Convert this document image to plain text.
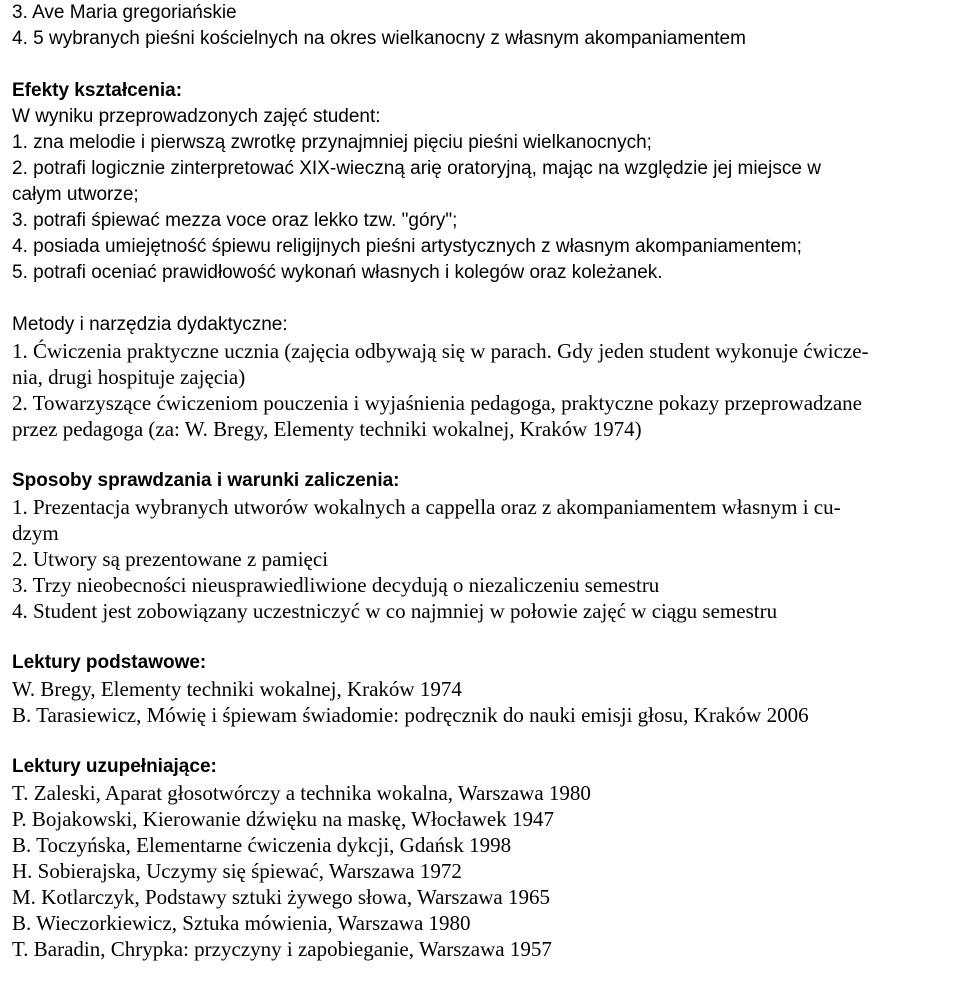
3. Ave Maria gregoriańskie
4. 5 wybranych pieśni kościelnych na okres wielkanocny z własnym akompaniamentem
Efekty kształcenia:
W wyniku przeprowadzonych zajęć student:
1. zna melodie i pierwszą zwrotkę przynajmniej pięciu pieśni wielkanocnych;
2. potrafi logicznie zinterpretować XIX-wieczną arię oratoryjną, mając na względzie jej miejsce w
całym utworze;
3. potrafi śpiewać mezza voce oraz lekko tzw. "góry";
4. posiada umiejętność śpiewu religijnych pieśni artystycznych z własnym akompaniamentem;
5. potrafi oceniać prawidłowość wykonań własnych i kolegów oraz koleżanek.
Metody i narzędzia dydaktyczne:
1. Ćwiczenia praktyczne ucznia (zajęcia odbywają się w parach. Gdy jeden student wykonuje ćwicze-
nia, drugi hospituje zajęcia)
2. Towarzyszące ćwiczeniom pouczenia i wyjaśnienia pedagoga, praktyczne pokazy przeprowadzane
przez pedagoga (za: W. Bregy, Elementy techniki wokalnej, Kraków 1974)
Sposoby sprawdzania i warunki zaliczenia:
1. Prezentacja wybranych utworów wokalnych a cappella oraz z akompaniamentem własnym i cu-
dzym
2. Utwory są prezentowane z pamięci
3. Trzy nieobecności nieusprawiedliwione decydują o niezaliczeniu semestru
4. Student jest zobowiązany uczestniczyć w co najmniej w połowie zajęć w ciągu semestru
Lektury podstawowe:
W. Bregy, Elementy techniki wokalnej, Kraków 1974
B. Tarasiewicz, Mówię i śpiewam świadomie: podręcznik do nauki emisji głosu, Kraków 2006
Lektury uzupełniające:
T. Zaleski, Aparat głosotwórczy a technika wokalna, Warszawa 1980
P. Bojakowski, Kierowanie dźwięku na maskę, Włocławek 1947
B. Toczyńska, Elementarne ćwiczenia dykcji, Gdańsk 1998
H. Sobierajska, Uczymy się śpiewać, Warszawa 1972
M. Kotlarczyk, Podstawy sztuki żywego słowa, Warszawa 1965
B. Wieczorkiewicz, Sztuka mówienia, Warszawa 1980
T. Baradin, Chrypka: przyczyny i zapobieganie, Warszawa 1957
